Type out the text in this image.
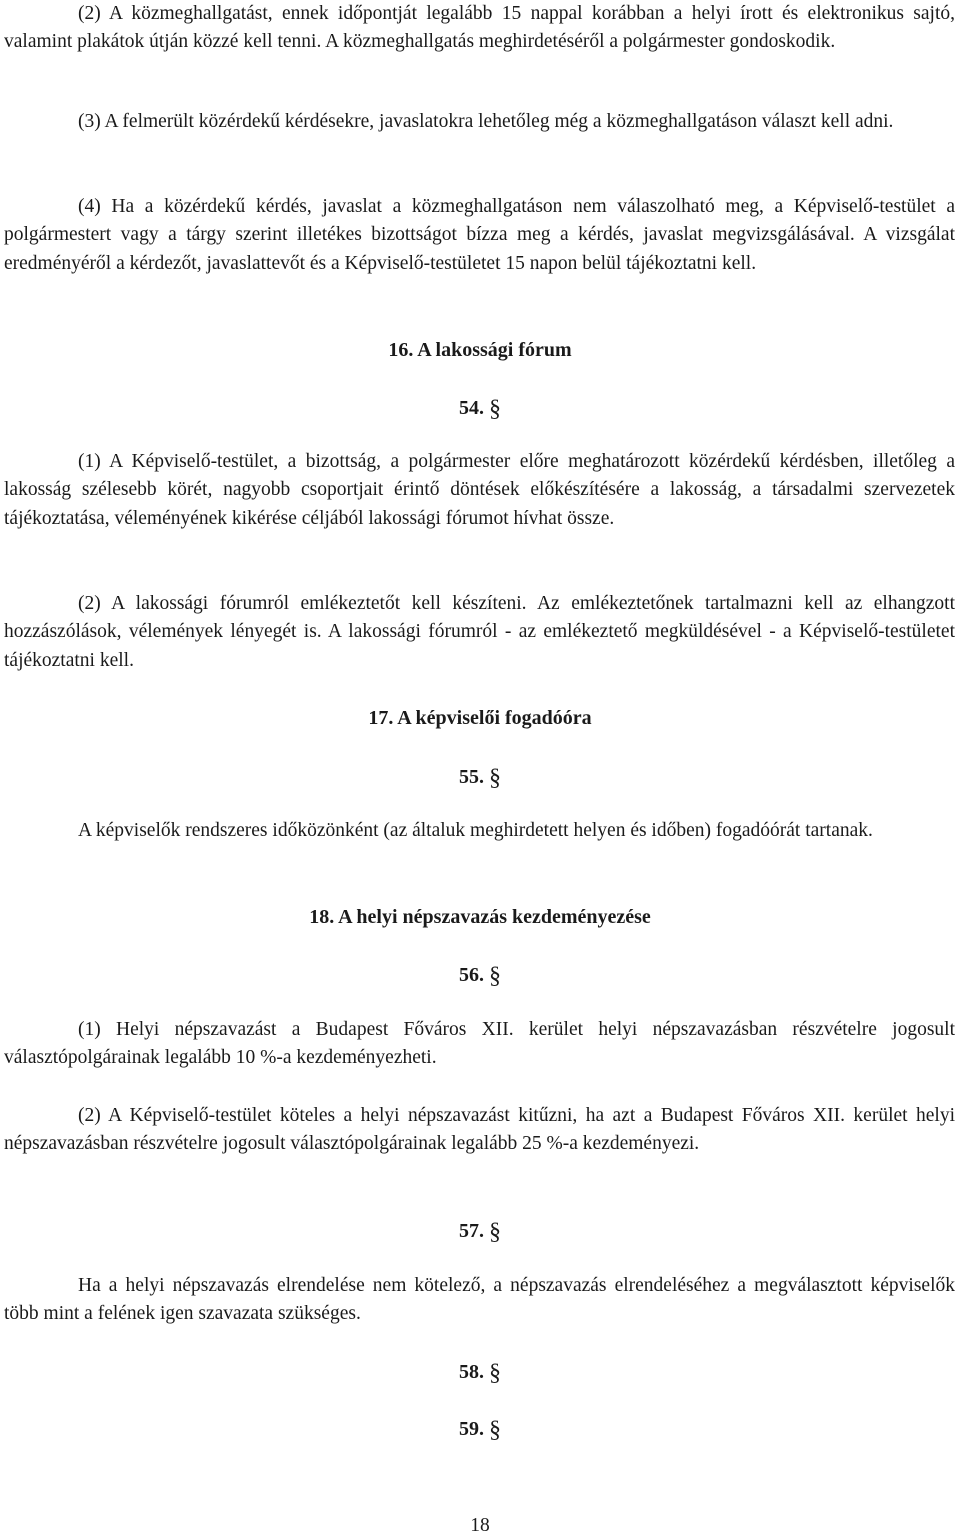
(2) A közmeghallgatást, ennek időpontját legalább 15 nappal korábban a helyi írott és elektronikus sajtó, valamint plakátok útján közzé kell tenni. A közmeghallgatás meghirdetéséről a polgármester gondoskodik.

(3) A felmerült közérdekű kérdésekre, javaslatokra lehetőleg még a közmeghallgatáson választ kell adni.

(4) Ha a közérdekű kérdés, javaslat a közmeghallgatáson nem válaszolható meg, a Képviselő-testület a polgármestert vagy a tárgy szerint illetékes bizottságot bízza meg a kérdés, javaslat megvizsgálásával. A vizsgálat eredményéről a kérdezőt, javaslattevőt és a Képviselő-testületet 15 napon belül tájékoztatni kell.

16. A lakossági fórum
54. §

(1) A Képviselő-testület, a bizottság, a polgármester előre meghatározott közérdekű kérdésben, illetőleg a lakosság szélesebb körét, nagyobb csoportjait érintő döntések előkészítésére a lakosság, a társadalmi szervezetek tájékoztatása, véleményének kikérése céljából lakossági fórumot hívhat össze.

(2) A lakossági fórumról emlékeztetőt kell készíteni. Az emlékeztetőnek tartalmazni kell az elhangzott hozzászólások, vélemények lényegét is. A lakossági fórumról - az emlékeztető megküldésével - a Képviselő-testületet tájékoztatni kell.

17. A képviselői fogadóóra
55. §

A képviselők rendszeres időközönként (az általuk meghirdetett helyen és időben) fogadóórát tartanak.

18. A helyi népszavazás kezdeményezése
56. §

(1) Helyi népszavazást a Budapest Főváros XII. kerület helyi népszavazásban részvételre jogosult választópolgárainak legalább 10 %-a kezdeményezheti.

(2) A Képviselő-testület köteles a helyi népszavazást kitűzni, ha azt a Budapest Főváros XII. kerület helyi népszavazásban részvételre jogosult választópolgárainak legalább 25 %-a kezdeményezi.

57. §

Ha a helyi népszavazás elrendelése nem kötelező, a népszavazás elrendeléséhez a megválasztott képviselők több mint a felének igen szavazata szükséges.

58. §
59. §
18
